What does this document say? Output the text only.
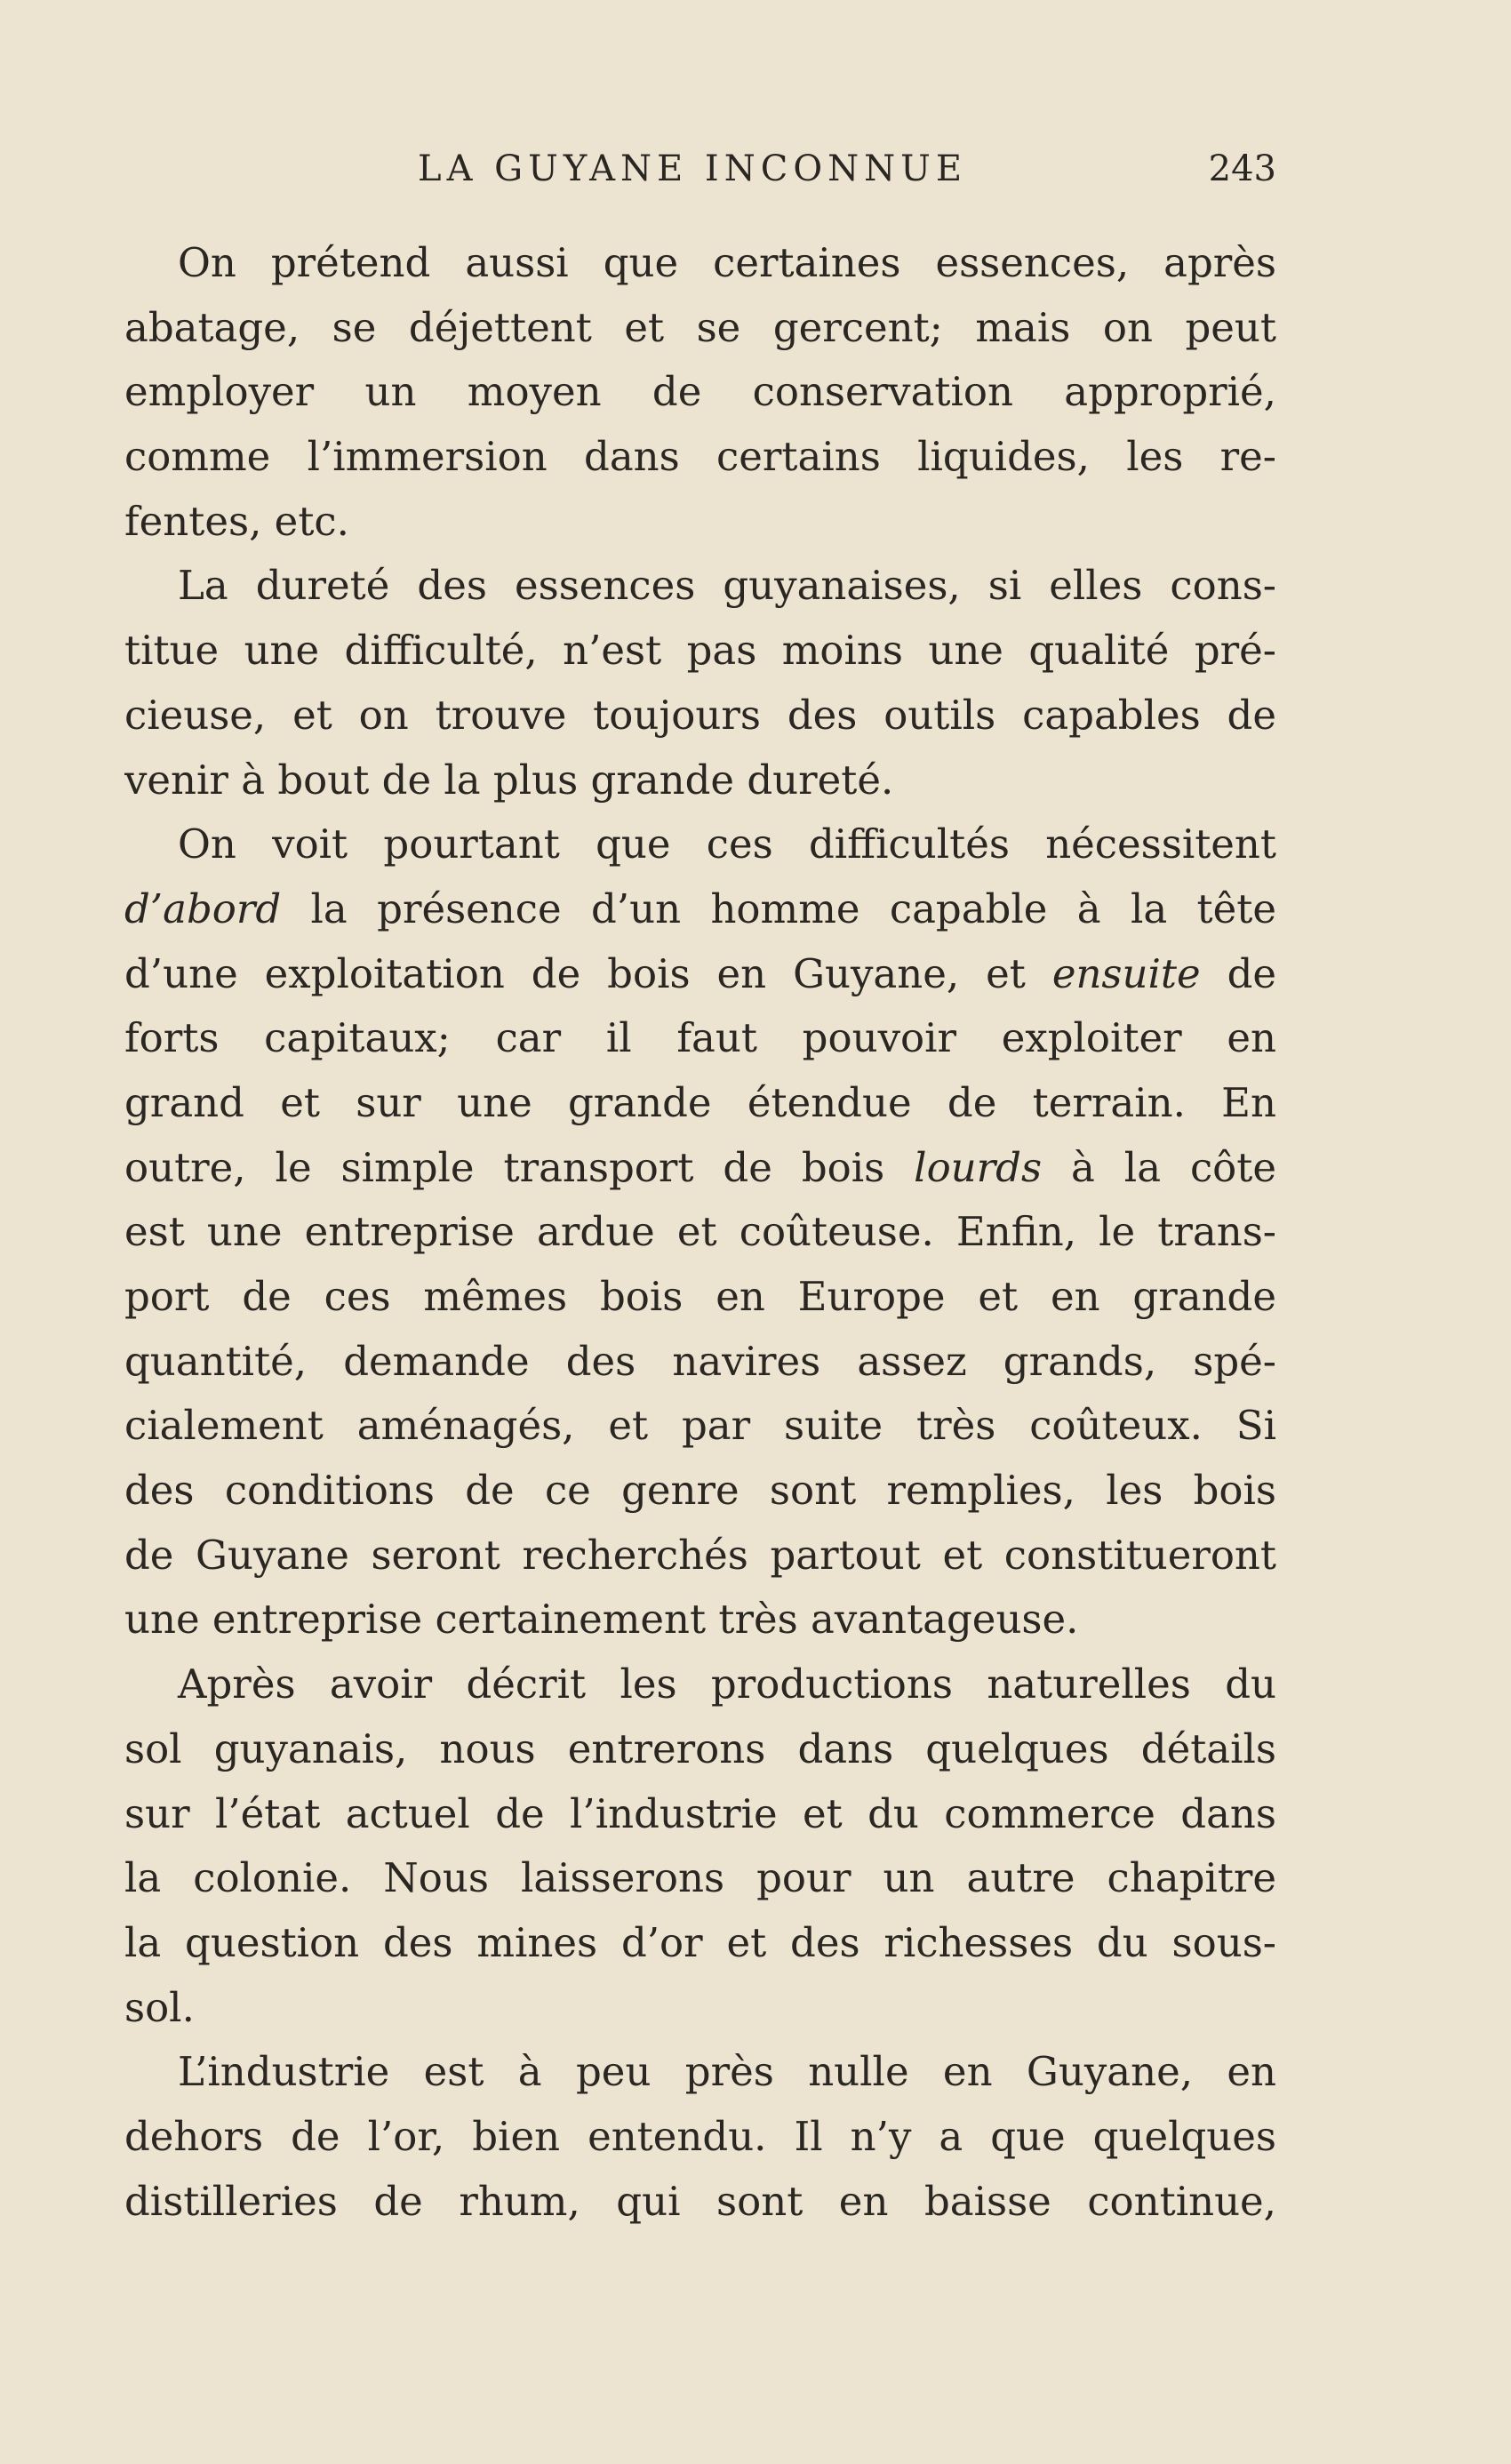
LA GUYANE INCONNUE	243
On prétend aussi que certaines essences, après
abatage, se déjettent et se gercent; mais on peut
employer un moyen de conservation approprié,
comme l’immersion dans certains liquides, les re-
fentes, etc.
La dureté des essences guyanaises, si elles cons-
titue une difficulté, n’est pas moins une qualité pré-
cieuse, et on trouve toujours des outils capables de
venir à bout de la plus grande dureté.
On voit pourtant que ces difficultés nécessitent
d’abord la présence d’un homme capable à la tête
d’une exploitation de bois en Guyane, et ensuite de
forts capitaux; car il faut pouvoir exploiter en
grand et sur une grande étendue de terrain. En
outre, le simple transport de bois lourds à la côte
est une entreprise ardue et coûteuse. Enfin, le trans-
port de ces mêmes bois en Europe et en grande
quantité, demande des navires assez grands, spé-
cialement aménagés, et par suite très coûteux. Si
des conditions de ce genre sont remplies, les bois
de Guyane seront recherchés partout et constitueront
une entreprise certainement très avantageuse.
Après avoir décrit les productions naturelles du
sol guyanais, nous entrerons dans quelques détails
sur l’état actuel de l’industrie et du commerce dans
la colonie. Nous laisserons pour un autre chapitre
la question des mines d’or et des richesses du sous-
sol.
L’industrie est à peu près nulle en Guyane, en
dehors de l’or, bien entendu. Il n’y a que quelques
distilleries de rhum, qui sont en baisse continue,
